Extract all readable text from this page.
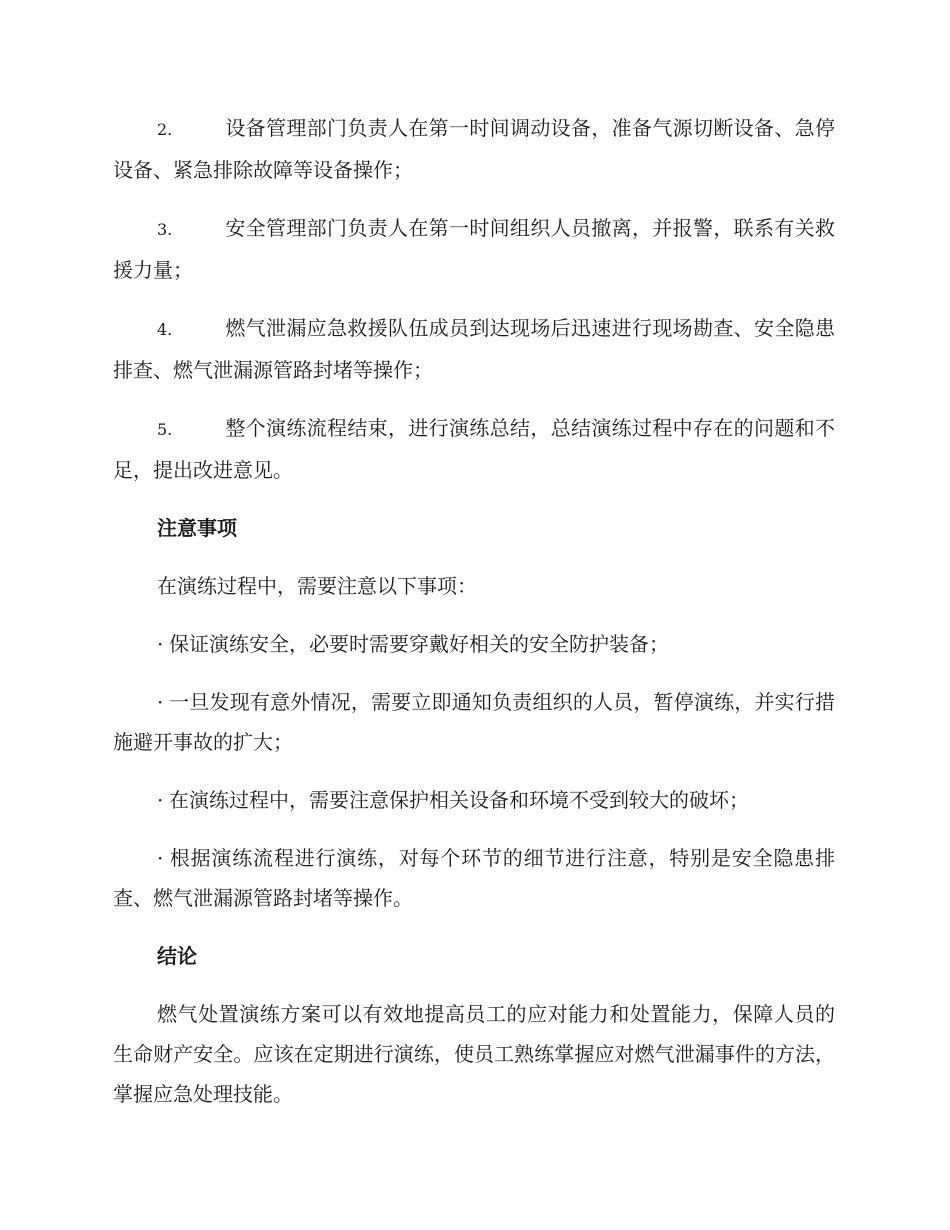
2.	设备管理部门负责人在第一时间调动设备，准备气源切断设备、急停设备、紧急排除故障等设备操作；

3.	安全管理部门负责人在第一时间组织人员撤离，并报警，联系有关救援力量；

4.	燃气泄漏应急救援队伍成员到达现场后迅速进行现场勘查、安全隐患排查、燃气泄漏源管路封堵等操作；

5.	整个演练流程结束，进行演练总结，总结演练过程中存在的问题和不足，提出改进意见。

注意事项

在演练过程中，需要注意以下事项：

· 保证演练安全，必要时需要穿戴好相关的安全防护装备；

· 一旦发现有意外情况，需要立即通知负责组织的人员，暂停演练，并实行措施避开事故的扩大；

· 在演练过程中，需要注意保护相关设备和环境不受到较大的破坏；

· 根据演练流程进行演练，对每个环节的细节进行注意，特别是安全隐患排查、燃气泄漏源管路封堵等操作。

结论

燃气处置演练方案可以有效地提高员工的应对能力和处置能力，保障人员的生命财产安全。应该在定期进行演练，使员工熟练掌握应对燃气泄漏事件的方法，掌握应急处理技能。
